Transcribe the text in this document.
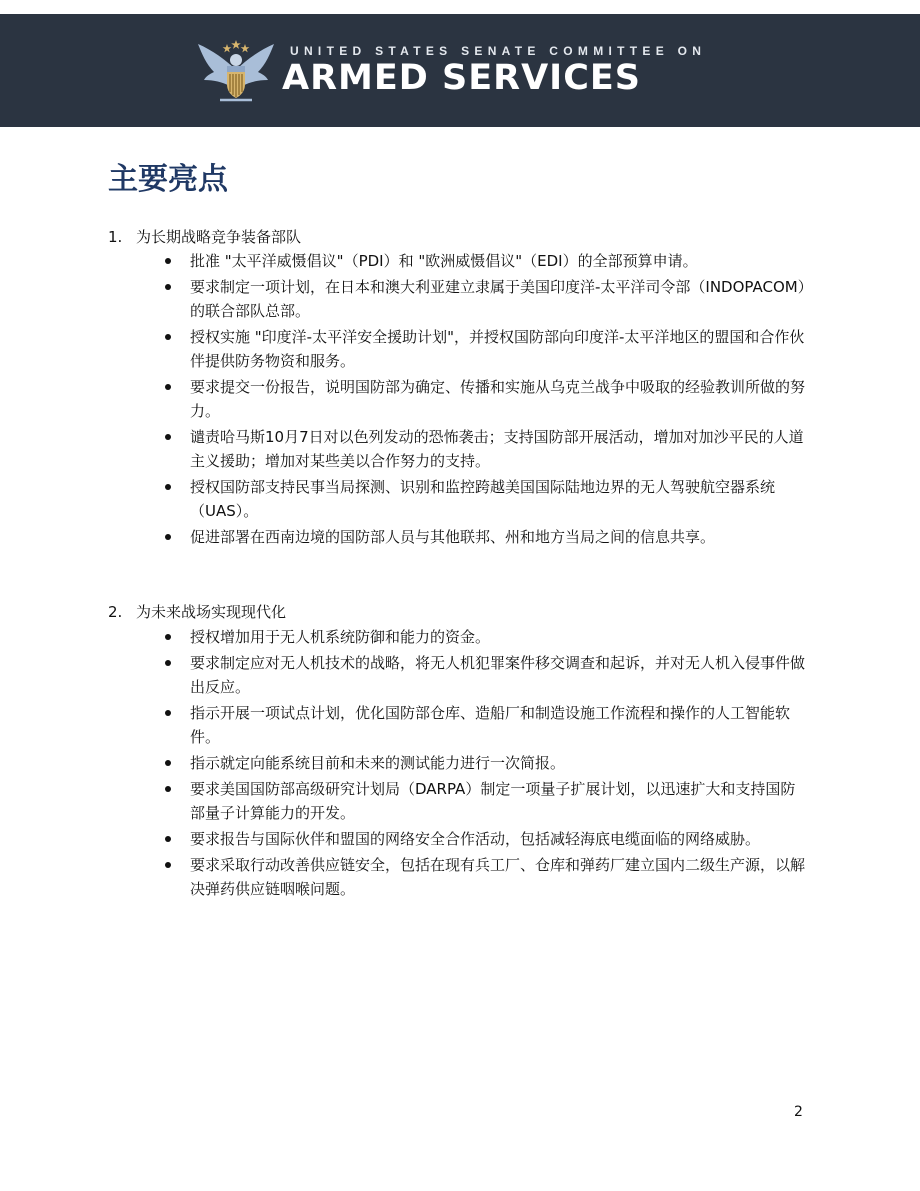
UNITED STATES SENATE COMMITTEE ON
ARMED SERVICES
主要亮点
1. 为长期战略竞争装备部队
批准 "太平洋威慑倡议"（PDI）和 "欧洲威慑倡议"（EDI）的全部预算申请。
要求制定一项计划，在日本和澳大利亚建立隶属于美国印度洋-太平洋司令部（INDOPACOM）的联合部队总部。
授权实施 "印度洋-太平洋安全援助计划"，并授权国防部向印度洋-太平洋地区的盟国和合作伙伴提供防务物资和服务。
要求提交一份报告，说明国防部为确定、传播和实施从乌克兰战争中吸取的经验教训所做的努力。
谴责哈马斯10月7日对以色列发动的恐怖袭击；支持国防部开展活动，增加对加沙平民的人道主义援助；增加对某些美以合作努力的支持。
授权国防部支持民事当局探测、识别和监控跨越美国国际陆地边界的无人驾驶航空器系统（UAS）。
促进部署在西南边境的国防部人员与其他联邦、州和地方当局之间的信息共享。
2. 为未来战场实现现代化
授权增加用于无人机系统防御和能力的资金。
要求制定应对无人机技术的战略，将无人机犯罪案件移交调查和起诉，并对无人机入侵事件做出反应。
指示开展一项试点计划，优化国防部仓库、造船厂和制造设施工作流程和操作的人工智能软件。
指示就定向能系统目前和未来的测试能力进行一次简报。
要求美国国防部高级研究计划局（DARPA）制定一项量子扩展计划，以迅速扩大和支持国防部量子计算能力的开发。
要求报告与国际伙伴和盟国的网络安全合作活动，包括减轻海底电缆面临的网络威胁。
要求采取行动改善供应链安全，包括在现有兵工厂、仓库和弹药厂建立国内二级生产源，以解决弹药供应链咽喉问题。
2
